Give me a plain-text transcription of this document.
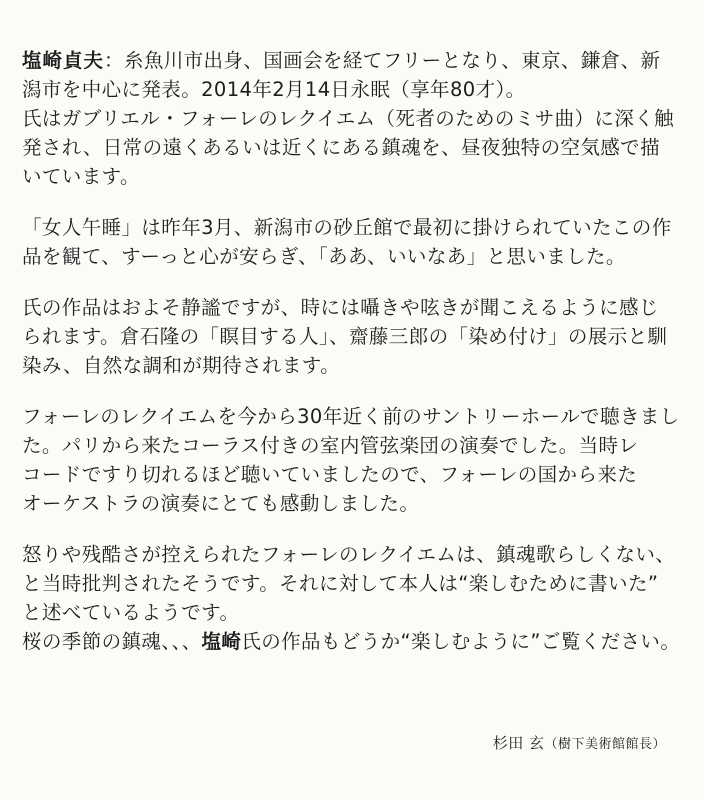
塩崎貞夫：糸魚川市出身、国画会を経てフリーとなり、東京、鎌倉、新
潟市を中心に発表。2014年2月14日永眠（享年80才）。
氏はガブリエル・フォーレのレクイエム（死者のためのミサ曲）に深く触
発され、日常の遠くあるいは近くにある鎮魂を、昼夜独特の空気感で描
いています。
「女人午睡」は昨年3月、新潟市の砂丘館で最初に掛けられていたこの作
品を観て、すーっと心が安らぎ、「ああ、いいなあ」と思いました。
氏の作品はおよそ静謐ですが、時には囁きや呟きが聞こえるように感じ
られます。倉石隆の「瞑目する人」、齋藤三郎の「染め付け」の展示と馴
染み、自然な調和が期待されます。
フォーレのレクイエムを今から30年近く前のサントリーホールで聴きまし
た。パリから来たコーラス付きの室内管弦楽団の演奏でした。当時レ
コードですり切れるほど聴いていましたので、フォーレの国から来た
オーケストラの演奏にとても感動しました。
怒りや残酷さが控えられたフォーレのレクイエムは、鎮魂歌らしくない、
と当時批判されたそうです。それに対して本人は“楽しむために書いた”
と述べているようです。
桜の季節の鎮魂、、、塩崎氏の作品もどうか“楽しむように”ご覧ください。
杉田 玄（樹下美術館館長）
